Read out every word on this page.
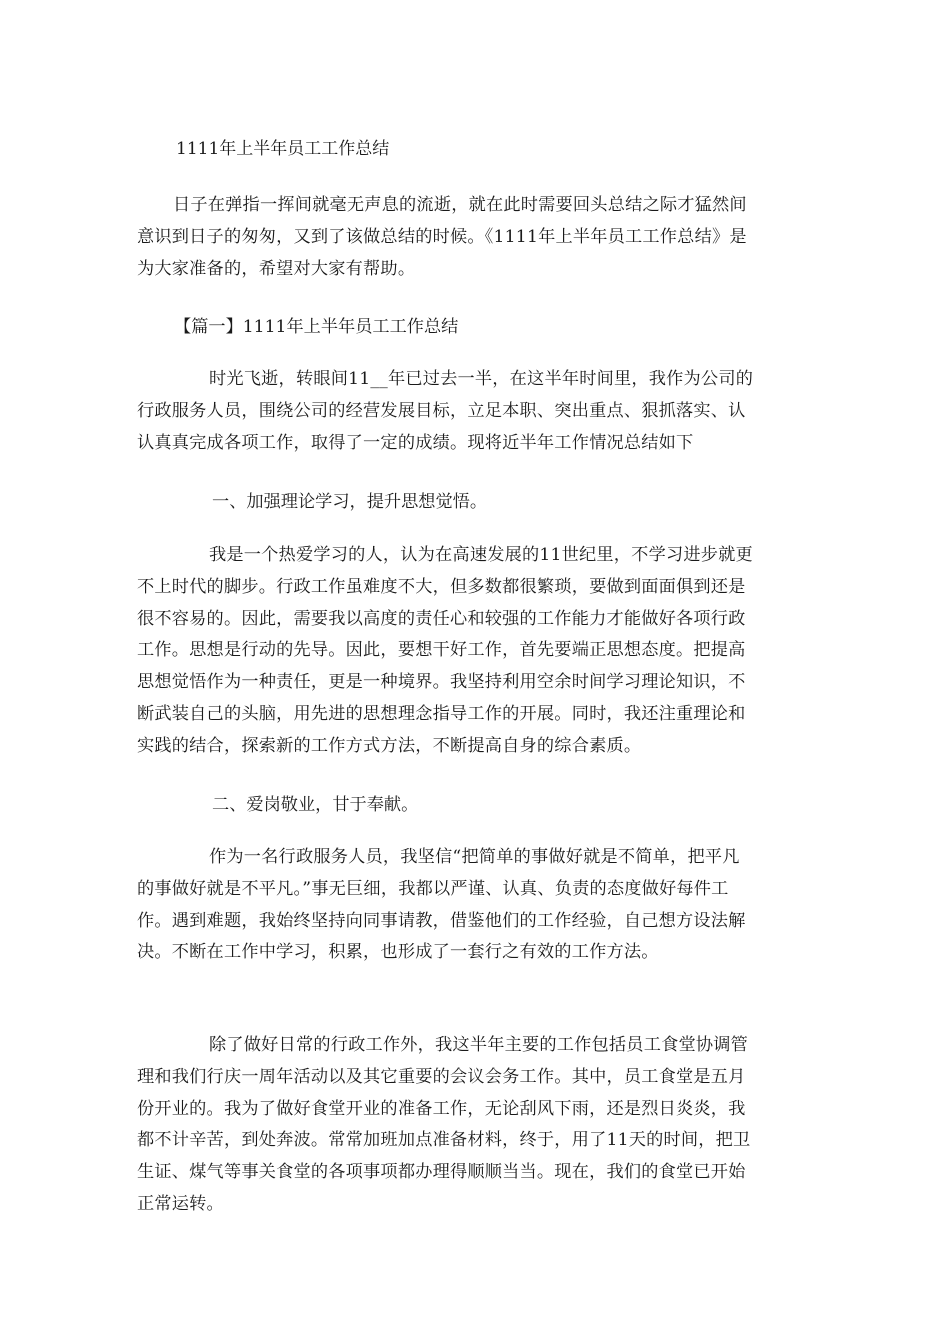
1111年上半年员工工作总结
日子在弹指一挥间就毫无声息的流逝，就在此时需要回头总结之际才猛然间
意识到日子的匆匆，又到了该做总结的时候。《1111年上半年员工工作总结》是
为大家准备的，希望对大家有帮助。
【篇一】1111年上半年员工工作总结
时光飞逝，转眼间11__年已过去一半，在这半年时间里，我作为公司的
行政服务人员，围绕公司的经营发展目标，立足本职、突出重点、狠抓落实、认
认真真完成各项工作，取得了一定的成绩。现将近半年工作情况总结如下
一、加强理论学习，提升思想觉悟。
我是一个热爱学习的人，认为在高速发展的11世纪里，不学习进步就更
不上时代的脚步。行政工作虽难度不大，但多数都很繁琐，要做到面面俱到还是
很不容易的。因此，需要我以高度的责任心和较强的工作能力才能做好各项行政
工作。思想是行动的先导。因此，要想干好工作，首先要端正思想态度。把提高
思想觉悟作为一种责任，更是一种境界。我坚持利用空余时间学习理论知识，不
断武装自己的头脑，用先进的思想理念指导工作的开展。同时，我还注重理论和
实践的结合，探索新的工作方式方法，不断提高自身的综合素质。
二、爱岗敬业，甘于奉献。
作为一名行政服务人员，我坚信“把简单的事做好就是不简单，把平凡
的事做好就是不平凡。”事无巨细，我都以严谨、认真、负责的态度做好每件工
作。遇到难题，我始终坚持向同事请教，借鉴他们的工作经验，自己想方设法解
决。不断在工作中学习，积累，也形成了一套行之有效的工作方法。
除了做好日常的行政工作外，我这半年主要的工作包括员工食堂协调管
理和我们行庆一周年活动以及其它重要的会议会务工作。其中，员工食堂是五月
份开业的。我为了做好食堂开业的准备工作，无论刮风下雨，还是烈日炎炎，我
都不计辛苦，到处奔波。常常加班加点准备材料，终于，用了11天的时间，把卫
生证、煤气等事关食堂的各项事项都办理得顺顺当当。现在，我们的食堂已开始
正常运转。
